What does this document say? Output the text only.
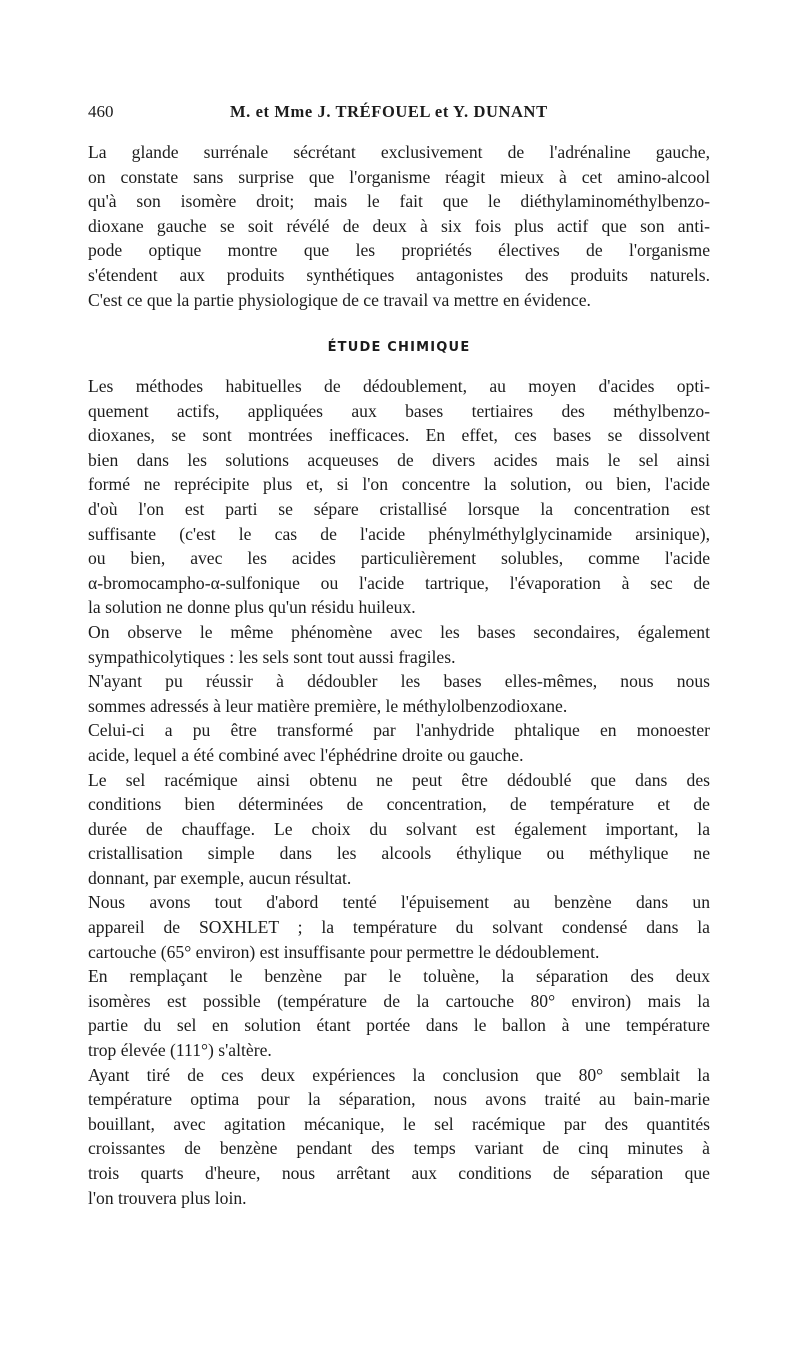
460	M. et Mme J. TRÉFOUEL et Y. DUNANT
La glande surrénale sécrétant exclusivement de l'adrénaline gauche,
on constate sans surprise que l'organisme réagit mieux à cet amino-alcool
qu'à son isomère droit; mais le fait que le diéthylaminométhylbenzo-
dioxane gauche se soit révélé de deux à six fois plus actif que son anti-
pode optique montre que les propriétés électives de l'organisme
s'étendent aux produits synthétiques antagonistes des produits naturels.
C'est ce que la partie physiologique de ce travail va mettre en évidence.
ÉTUDE CHIMIQUE
Les méthodes habituelles de dédoublement, au moyen d'acides opti-
quement actifs, appliquées aux bases tertiaires des méthylbenzo-
dioxanes, se sont montrées inefficaces. En effet, ces bases se dissolvent
bien dans les solutions acqueuses de divers acides mais le sel ainsi
formé ne reprécipite plus et, si l'on concentre la solution, ou bien, l'acide
d'où l'on est parti se sépare cristallisé lorsque la concentration est
suffisante (c'est le cas de l'acide phénylméthylglycinamide arsinique),
ou bien, avec les acides particulièrement solubles, comme l'acide
α-bromocampho-α-sulfonique ou l'acide tartrique, l'évaporation à sec de
la solution ne donne plus qu'un résidu huileux.
On observe le même phénomène avec les bases secondaires, également
sympathicolytiques : les sels sont tout aussi fragiles.
N'ayant pu réussir à dédoubler les bases elles-mêmes, nous nous
sommes adressés à leur matière première, le méthylolbenzodioxane.
Celui-ci a pu être transformé par l'anhydride phtalique en monoester
acide, lequel a été combiné avec l'éphédrine droite ou gauche.
Le sel racémique ainsi obtenu ne peut être dédoublé que dans des
conditions bien déterminées de concentration, de température et de
durée de chauffage. Le choix du solvant est également important, la
cristallisation simple dans les alcools éthylique ou méthylique ne
donnant, par exemple, aucun résultat.
Nous avons tout d'abord tenté l'épuisement au benzène dans un
appareil de SOXHLET ; la température du solvant condensé dans la
cartouche (65° environ) est insuffisante pour permettre le dédoublement.
En remplaçant le benzène par le toluène, la séparation des deux
isomères est possible (température de la cartouche 80° environ) mais la
partie du sel en solution étant portée dans le ballon à une température
trop élevée (111°) s'altère.
Ayant tiré de ces deux expériences la conclusion que 80° semblait la
température optima pour la séparation, nous avons traité au bain-marie
bouillant, avec agitation mécanique, le sel racémique par des quantités
croissantes de benzène pendant des temps variant de cinq minutes à
trois quarts d'heure, nous arrêtant aux conditions de séparation que
l'on trouvera plus loin.
